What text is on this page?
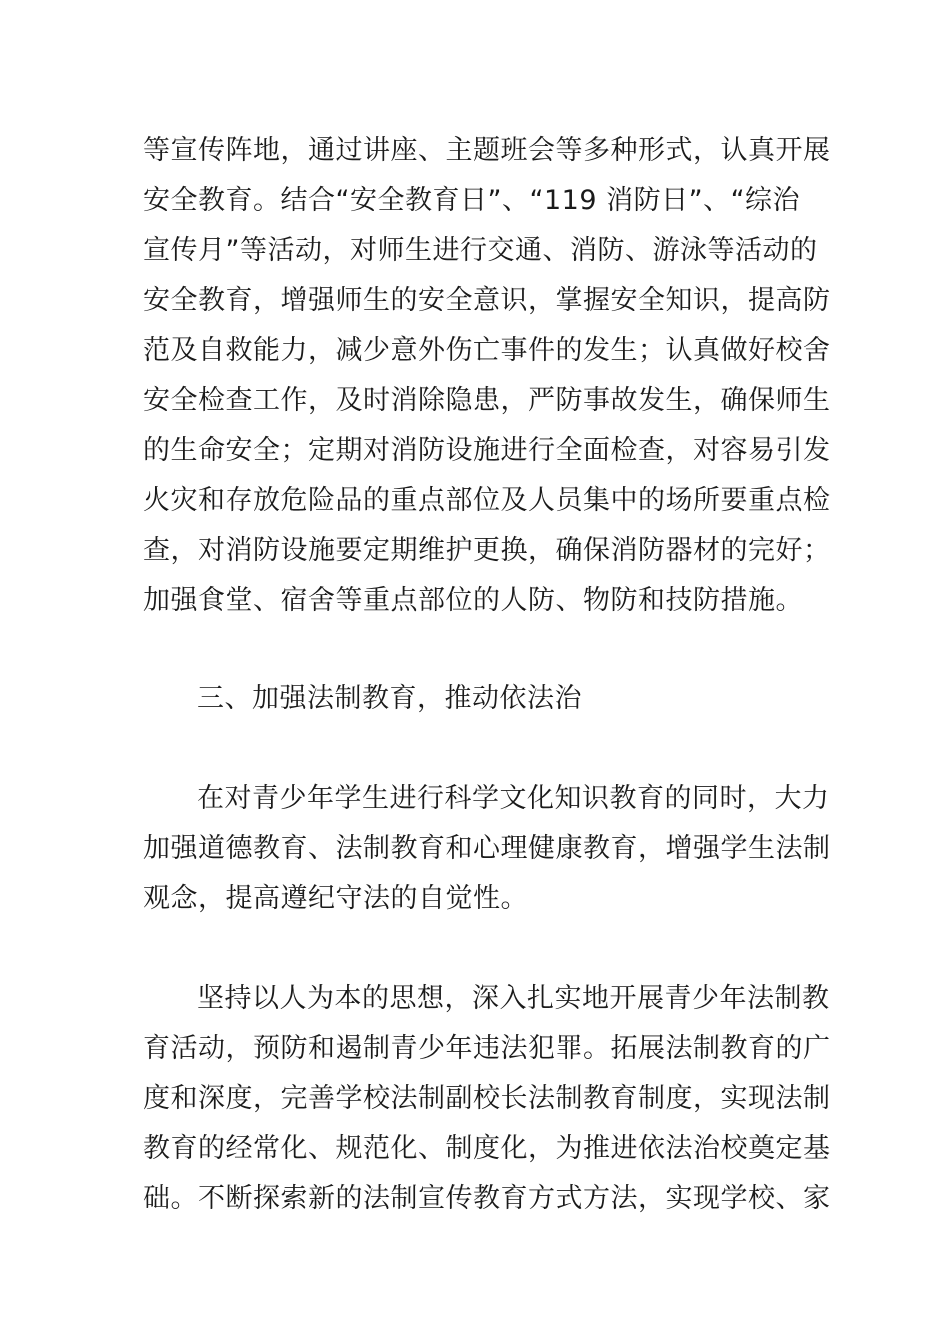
等宣传阵地，通过讲座、主题班会等多种形式，认真开展
安全教育。结合“安全教育日”、“119 消防日”、“综治
宣传月”等活动，对师生进行交通、消防、游泳等活动的
安全教育，增强师生的安全意识，掌握安全知识，提高防
范及自救能力，减少意外伤亡事件的发生；认真做好校舍
安全检查工作，及时消除隐患，严防事故发生，确保师生
的生命安全；定期对消防设施进行全面检查，对容易引发
火灾和存放危险品的重点部位及人员集中的场所要重点检
查，对消防设施要定期维护更换，确保消防器材的完好；
加强食堂、宿舍等重点部位的人防、物防和技防措施。
三、加强法制教育，推动依法治
在对青少年学生进行科学文化知识教育的同时，大力
加强道德教育、法制教育和心理健康教育，增强学生法制
观念，提高遵纪守法的自觉性。
坚持以人为本的思想，深入扎实地开展青少年法制教
育活动，预防和遏制青少年违法犯罪。拓展法制教育的广
度和深度，完善学校法制副校长法制教育制度，实现法制
教育的经常化、规范化、制度化，为推进依法治校奠定基
础。不断探索新的法制宣传教育方式方法，实现学校、家
